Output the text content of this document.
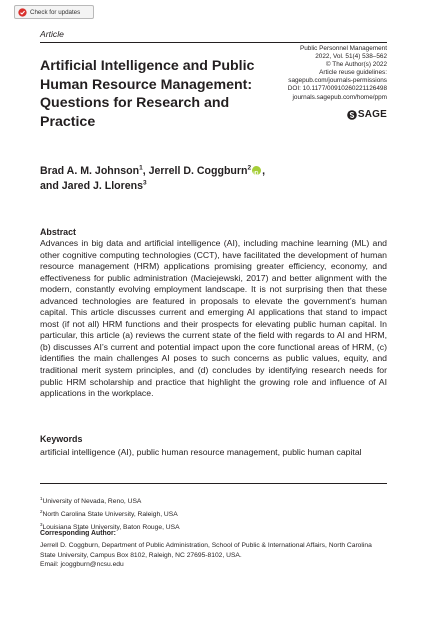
Check for updates
Article
Artificial Intelligence and Public Human Resource Management: Questions for Research and Practice
Public Personnel Management
2022, Vol. 51(4) 538–562
© The Author(s) 2022
Article reuse guidelines:
sagepub.com/journals-permissions
DOI: 10.1177/00910260221126498
journals.sagepub.com/home/ppm
SAGE
Brad A. M. Johnson$^1$, Jerrell D. Coggburn$^2$iD ,
and Jared J. Llorens$^3$
Abstract
Advances in big data and artificial intelligence (AI), including machine learning (ML) and other cognitive computing technologies (CCT), have facilitated the development of human resource management (HRM) applications promising greater efficiency, economy, and effectiveness for public administration (Maciejewski, 2017) and better alignment with the modern, constantly evolving employment landscape. It is not surprising then that these advanced technologies are featured in proposals to elevate the government’s human capital. This article discusses current and emerging AI applications that stand to impact most (if not all) HRM functions and their prospects for elevating public human capital. In particular, this article (a) reviews the current state of the field with regards to AI and HRM, (b) discusses AI’s current and potential impact upon the core functional areas of HRM, (c) identifies the main challenges AI poses to such concerns as public values, equity, and traditional merit system principles, and (d) concludes by identifying research needs for public HRM scholarship and practice that highlight the growing role and influence of AI applications in the workplace.
Keywords
artificial intelligence (AI), public human resource management, public human capital
$^1$University of Nevada, Reno, USA
$^2$North Carolina State University, Raleigh, USA
$^3$Louisiana State University, Baton Rouge, USA
Corresponding Author:
Jerrell D. Coggburn, Department of Public Administration, School of Public & International Affairs, North Carolina State University, Campus Box 8102, Raleigh, NC 27695-8102, USA.
Email: jcoggburn@ncsu.edu
